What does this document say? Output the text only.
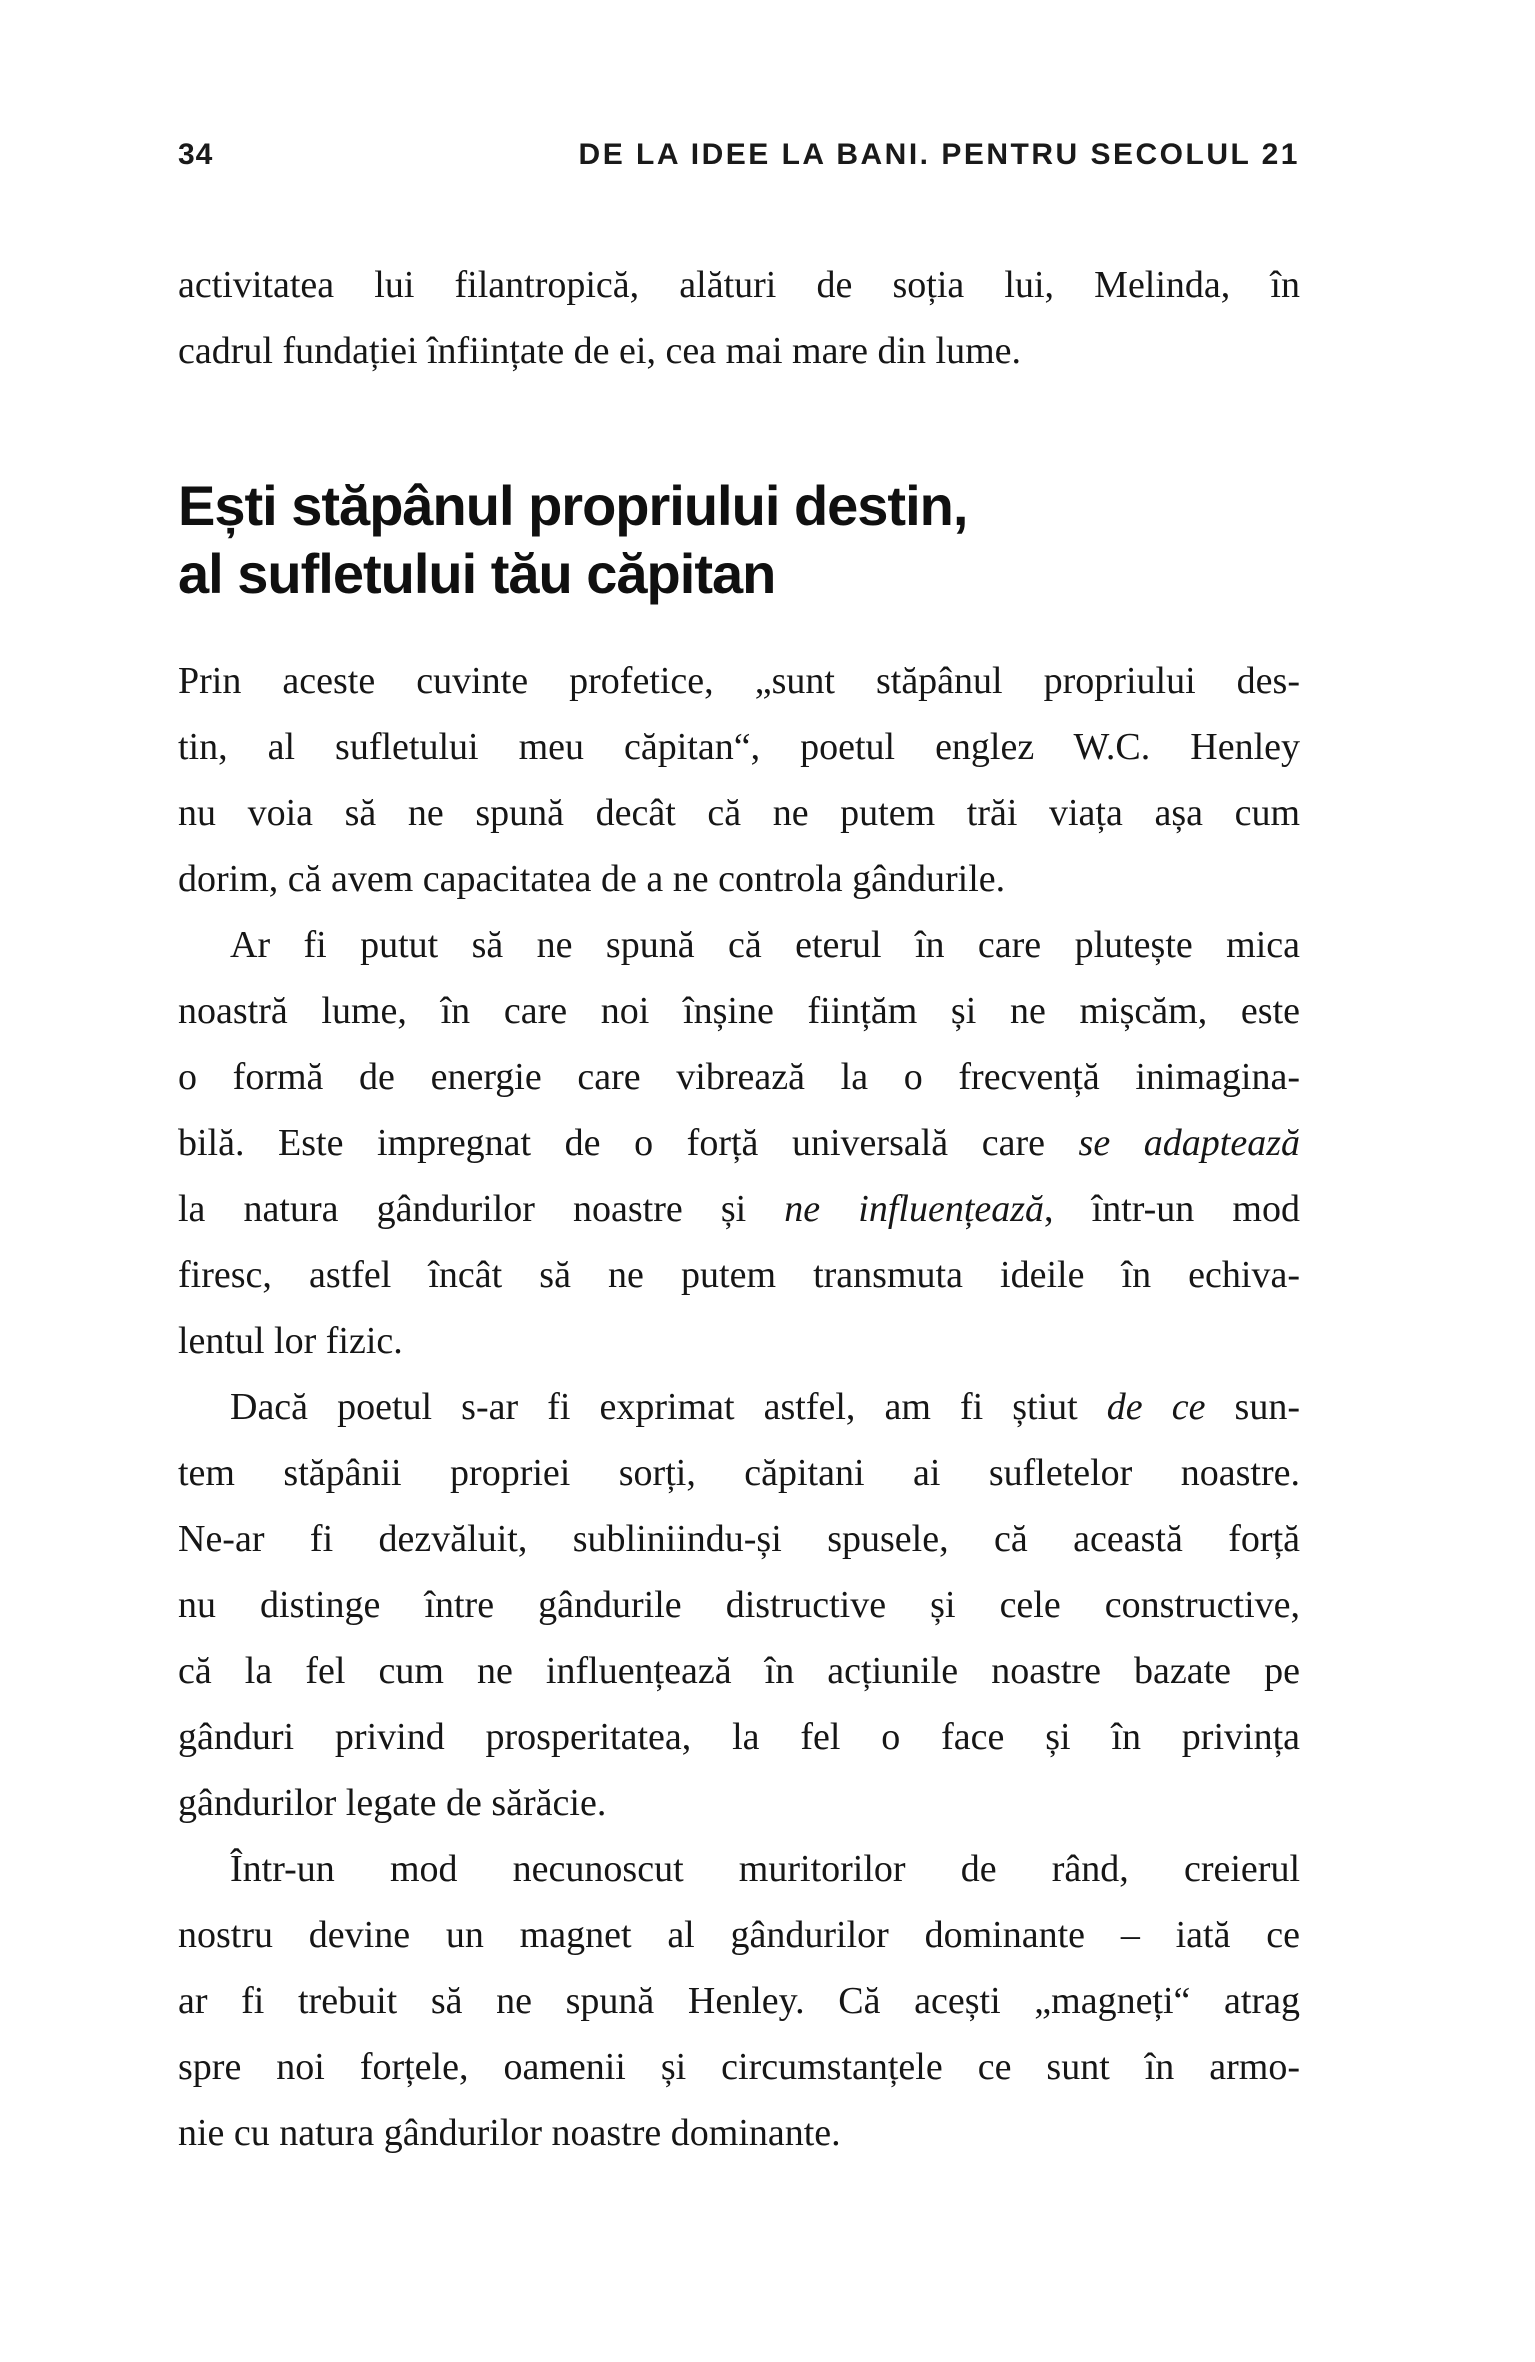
34	DE LA IDEE LA BANI. PENTRU SECOLUL 21

activitatea lui filantropică, alături de soția lui, Melinda, în

cadrul fundației înființate de ei, cea mai mare din lume.

Ești stăpânul propriului destin,
al sufletului tău căpitan

Prin aceste cuvinte profetice, „sunt stăpânul propriului des-

tin, al sufletului meu căpitan“, poetul englez W.C. Henley

nu voia să ne spună decât că ne putem trăi viața așa cum

dorim, că avem capacitatea de a ne controla gândurile.

Ar fi putut să ne spună că eterul în care plutește mica

noastră lume, în care noi înșine ființăm și ne mișcăm, este

o formă de energie care vibrează la o frecvență inimagina-

bilă. Este impregnat de o forță universală care se adaptează

la natura gândurilor noastre și ne influențează, într-un mod

firesc, astfel încât să ne putem transmuta ideile în echiva-

lentul lor fizic.

Dacă poetul s-ar fi exprimat astfel, am fi știut de ce sun-

tem stăpânii propriei sorți, căpitani ai sufletelor noastre.

Ne-ar fi dezvăluit, subliniindu-și spusele, că această forță

nu distinge între gândurile distructive și cele constructive,

că la fel cum ne influențează în acțiunile noastre bazate pe

gânduri privind prosperitatea, la fel o face și în privința

gândurilor legate de sărăcie.

Într-un mod necunoscut muritorilor de rând, creierul

nostru devine un magnet al gândurilor dominante – iată ce

ar fi trebuit să ne spună Henley. Că acești „magneți“ atrag

spre noi forțele, oamenii și circumstanțele ce sunt în armo-

nie cu natura gândurilor noastre dominante.
